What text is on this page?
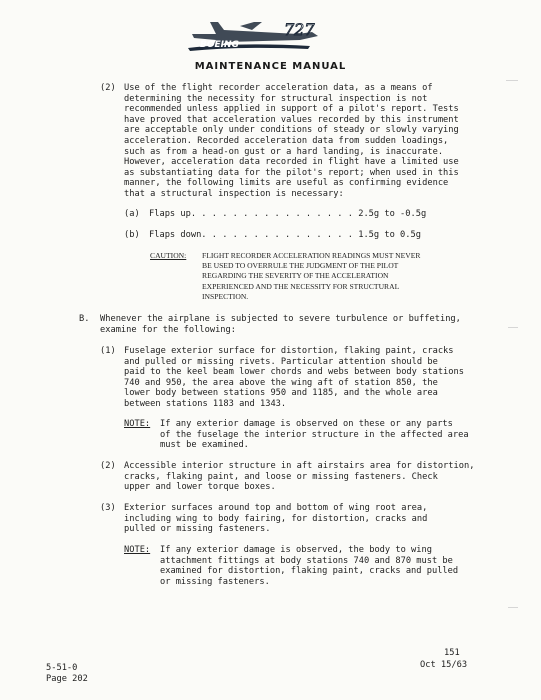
BOEING
727
MAINTENANCE MANUAL
(2) Use of the flight recorder acceleration data, as a means of
determining the necessity for structural inspection is not
recommended unless applied in support of a pilot's report. Tests
have proved that acceleration values recorded by this instrument
are acceptable only under conditions of steady or slowly varying
acceleration. Recorded acceleration data from sudden loadings,
such as from a head-on gust or a hard landing, is inaccurate.
However, acceleration data recorded in flight have a limited use
as substantiating data for the pilot's report; when used in this
manner, the following limits are useful as confirming evidence
that a structural inspection is necessary:
(a) Flaps up. . . . . . . . . . . . . . . . 2.5g to -0.5g
(b) Flaps down. . . . . . . . . . . . . . . 1.5g to 0.5g
CAUTION: FLIGHT RECORDER ACCELERATION READINGS MUST NEVER
BE USED TO OVERRULE THE JUDGMENT OF THE PILOT
REGARDING THE SEVERITY OF THE ACCELERATION
EXPERIENCED AND THE NECESSITY FOR STRUCTURAL
INSPECTION.
B. Whenever the airplane is subjected to severe turbulence or buffeting,
examine for the following:
(1) Fuselage exterior surface for distortion, flaking paint, cracks
and pulled or missing rivets. Particular attention should be
paid to the keel beam lower chords and webs between body stations
740 and 950, the area above the wing aft of station 850, the
lower body between stations 950 and 1185, and the whole area
between stations 1183 and 1343.
NOTE: If any exterior damage is observed on these or any parts
of the fuselage the interior structure in the affected area
must be examined.
(2) Accessible interior structure in aft airstairs area for distortion,
cracks, flaking paint, and loose or missing fasteners. Check
upper and lower torque boxes.
(3) Exterior surfaces around top and bottom of wing root area,
including wing to body fairing, for distortion, cracks and
pulled or missing fasteners.
NOTE: If any exterior damage is observed, the body to wing
attachment fittings at body stations 740 and 870 must be
examined for distortion, flaking paint, cracks and pulled
or missing fasteners.
5-51-0
Page 202
151
Oct 15/63
